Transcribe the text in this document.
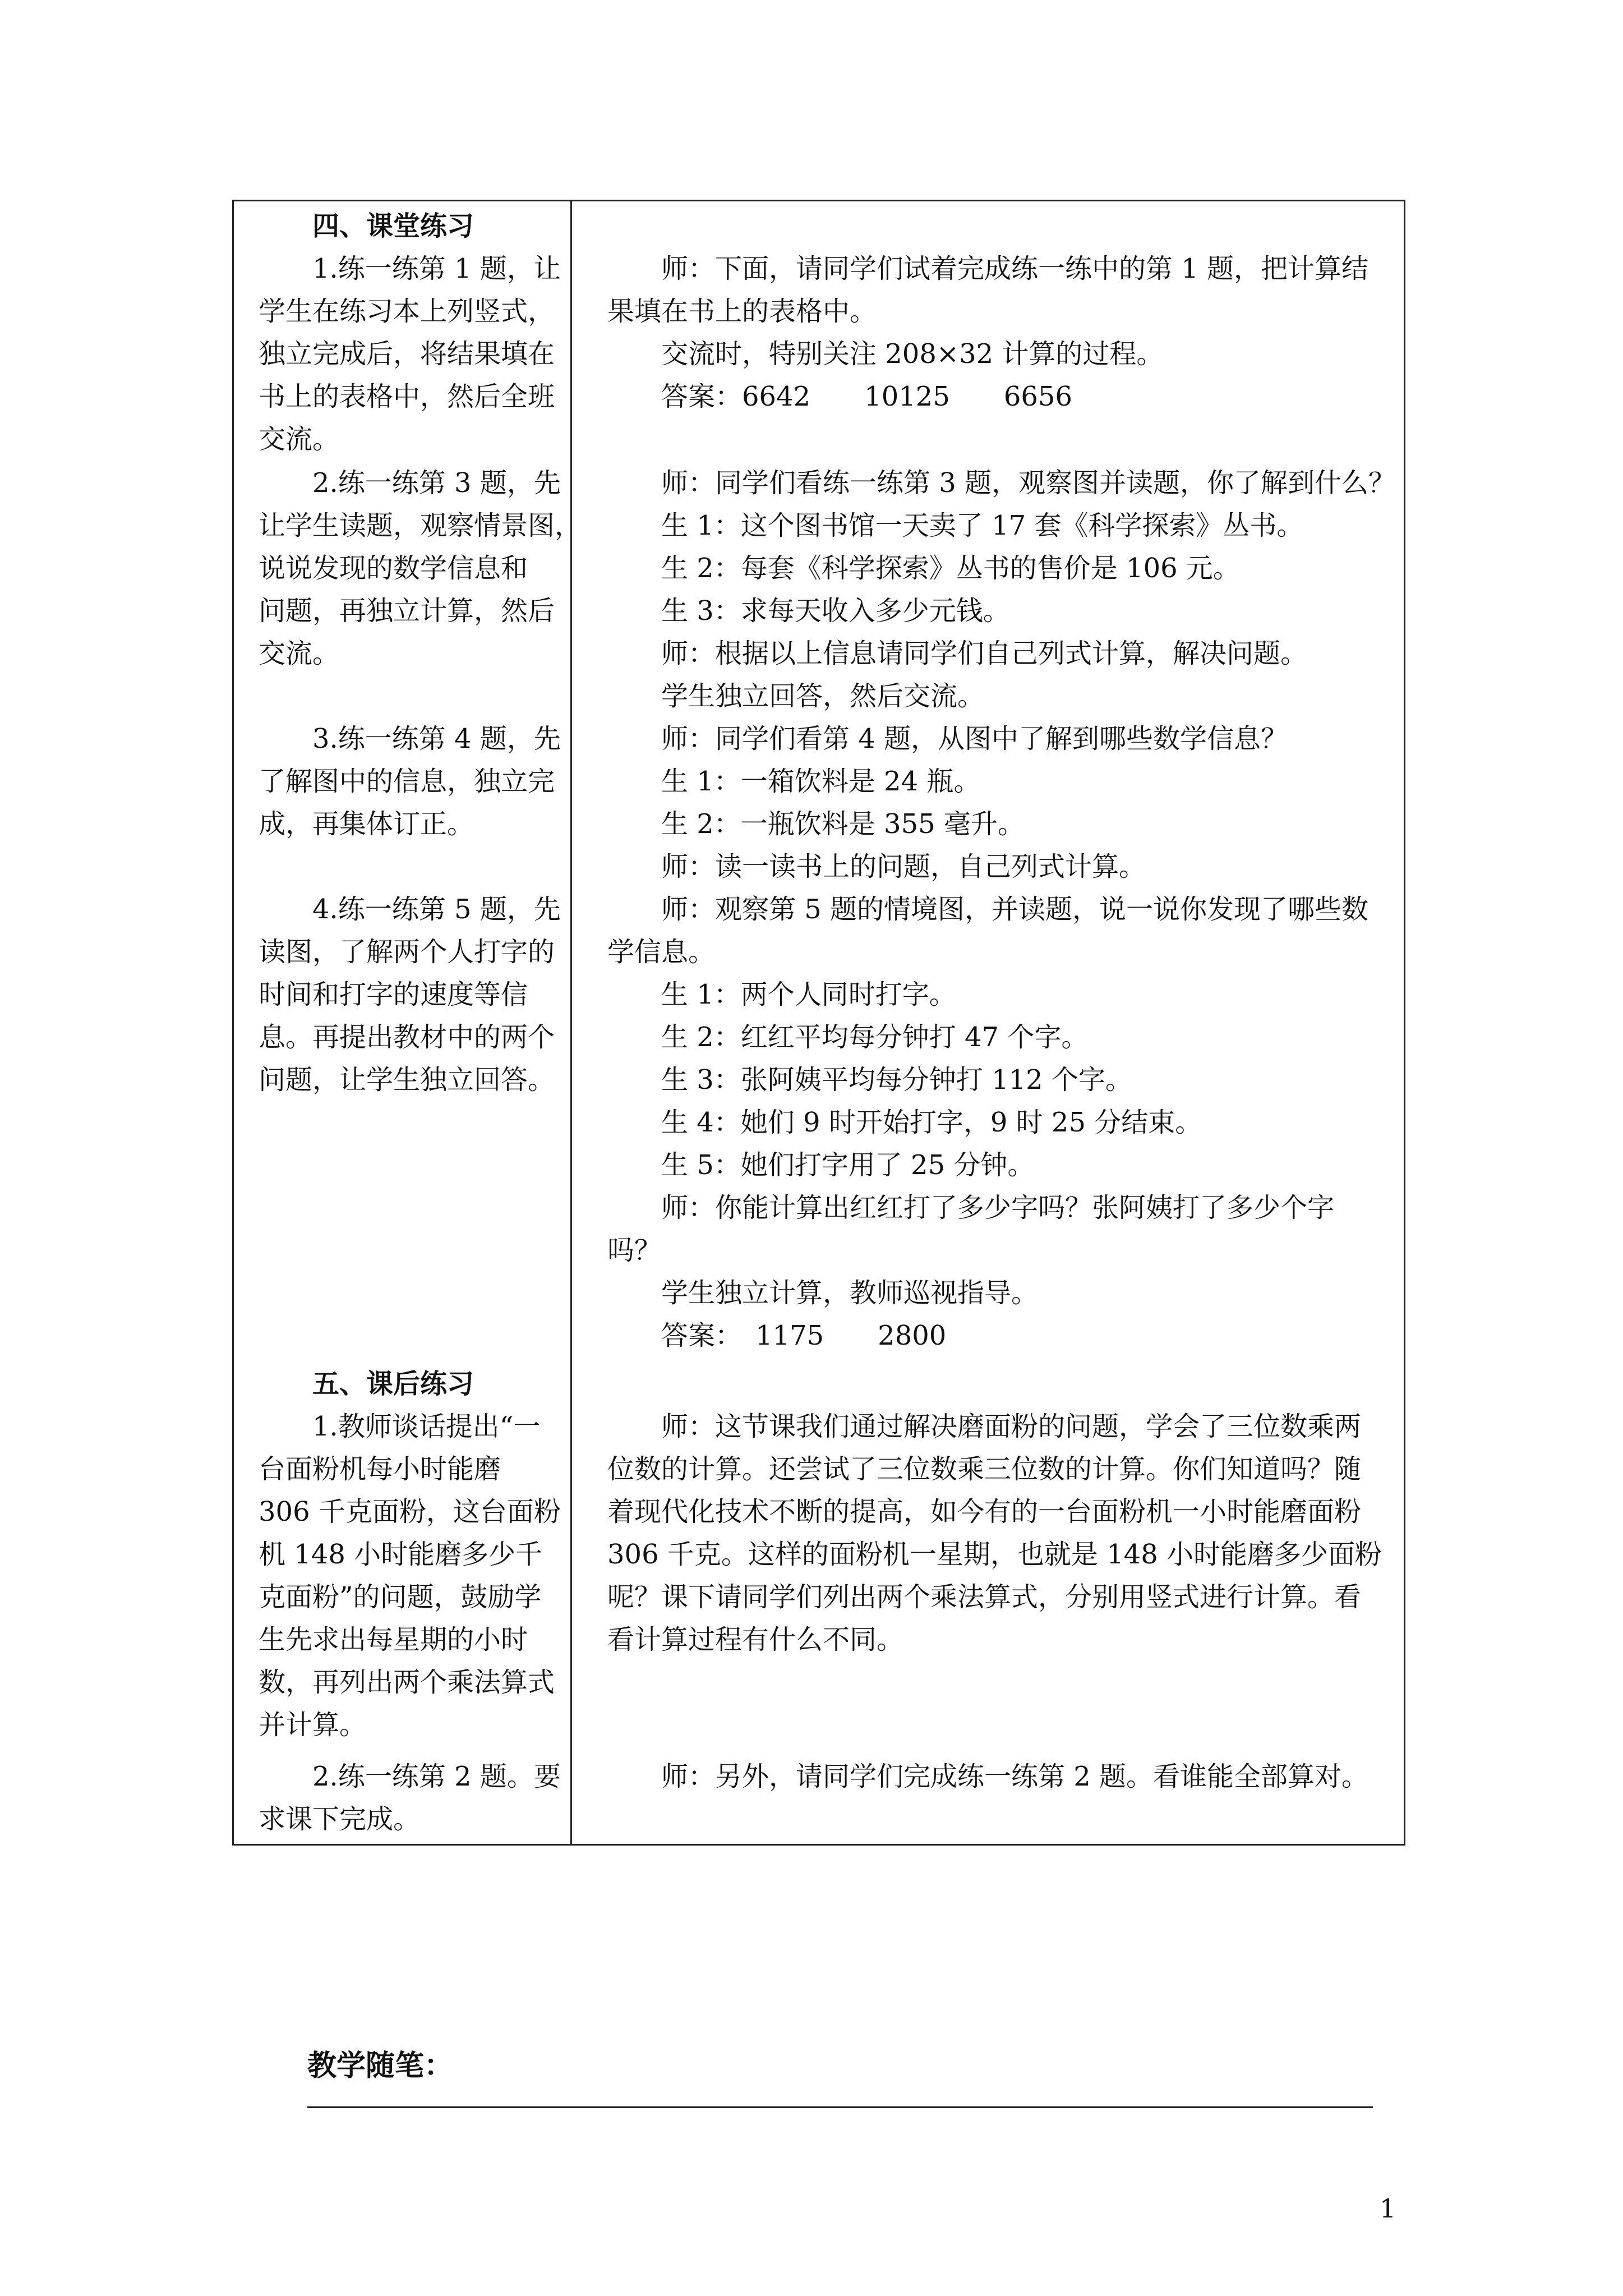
四、课堂练习
1.练一练第 1 题，让
学生在练习本上列竖式，
独立完成后，将结果填在
书上的表格中，然后全班
交流。
师：下面，请同学们试着完成练一练中的第 1 题，把计算结
果填在书上的表格中。
交流时，特别关注 208×32 计算的过程。
答案：6642　　10125　　6656
2.练一练第 3 题，先
让学生读题，观察情景图，
说说发现的数学信息和
问题，再独立计算，然后
交流。
师：同学们看练一练第 3 题，观察图并读题，你了解到什么？
生 1：这个图书馆一天卖了 17 套《科学探索》丛书。
生 2：每套《科学探索》丛书的售价是 106 元。
生 3：求每天收入多少元钱。
师：根据以上信息请同学们自己列式计算，解决问题。
学生独立回答，然后交流。
3.练一练第 4 题，先
了解图中的信息，独立完
成，再集体订正。
师：同学们看第 4 题，从图中了解到哪些数学信息？
生 1：一箱饮料是 24 瓶。
生 2：一瓶饮料是 355 毫升。
师：读一读书上的问题，自己列式计算。
4.练一练第 5 题，先
读图，了解两个人打字的
时间和打字的速度等信
息。再提出教材中的两个
问题，让学生独立回答。
师：观察第 5 题的情境图，并读题，说一说你发现了哪些数
学信息。
生 1：两个人同时打字。
生 2：红红平均每分钟打 47 个字。
生 3：张阿姨平均每分钟打 112 个字。
生 4：她们 9 时开始打字，9 时 25 分结束。
生 5：她们打字用了 25 分钟。
师：你能计算出红红打了多少字吗？张阿姨打了多少个字
吗？
学生独立计算，教师巡视指导。
答案：　1175　　2800
五、课后练习
1.教师谈话提出“一
台面粉机每小时能磨
306 千克面粉，这台面粉
机 148 小时能磨多少千
克面粉”的问题，鼓励学
生先求出每星期的小时
数，再列出两个乘法算式
并计算。
师：这节课我们通过解决磨面粉的问题，学会了三位数乘两
位数的计算。还尝试了三位数乘三位数的计算。你们知道吗？随
着现代化技术不断的提高，如今有的一台面粉机一小时能磨面粉
306 千克。这样的面粉机一星期，也就是 148 小时能磨多少面粉
呢？课下请同学们列出两个乘法算式，分别用竖式进行计算。看
看计算过程有什么不同。
2.练一练第 2 题。要
求课下完成。
师：另外，请同学们完成练一练第 2 题。看谁能全部算对。
教学随笔：
1
